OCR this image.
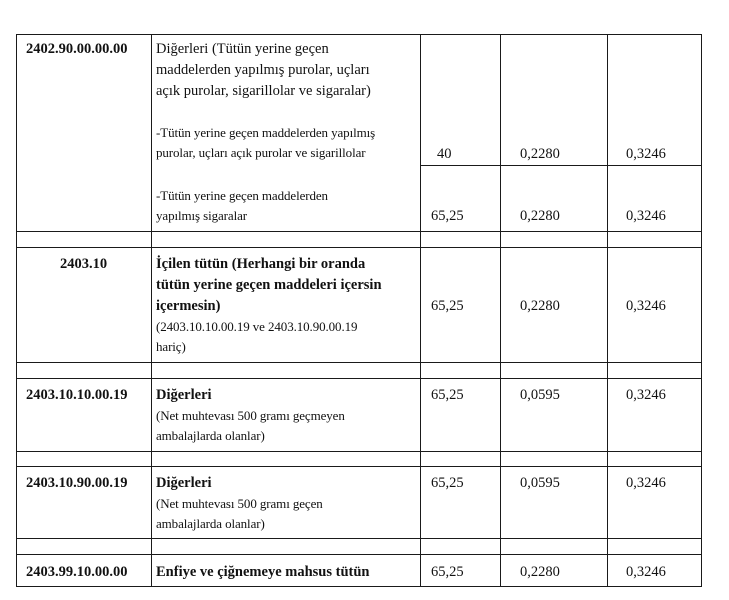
2402.90.00.00.00 Diğerleri (Tütün yerine geçen
maddelerden yapılmış purolar, uçları
açık purolar, sigarillolar ve sigaralar)
-Tütün yerine geçen maddelerden yapılmış
purolar, uçları açık purolar ve sigarillolar	40	0,2280	0,3246
-Tütün yerine geçen maddelerden
yapılmış sigaralar	65,25	0,2280	0,3246
2403.10	İçilen tütün (Herhangi bir oranda
tütün yerine geçen maddeleri içersin
içermesin)
(2403.10.10.00.19 ve 2403.10.90.00.19
hariç)
65,25	0,2280	0,3246
2403.10.10.00.19 Diğerleri
(Net muhtevası 500 gramı geçmeyen
ambalajlarda olanlar)
65,25	0,0595	0,3246
2403.10.90.00.19 Diğerleri
(Net muhtevası 500 gramı geçen
ambalajlarda olanlar)
65,25	0,0595	0,3246
2403.99.10.00.00 Enfiye ve çiğnemeye mahsus tütün	65,25	0,2280	0,3246
